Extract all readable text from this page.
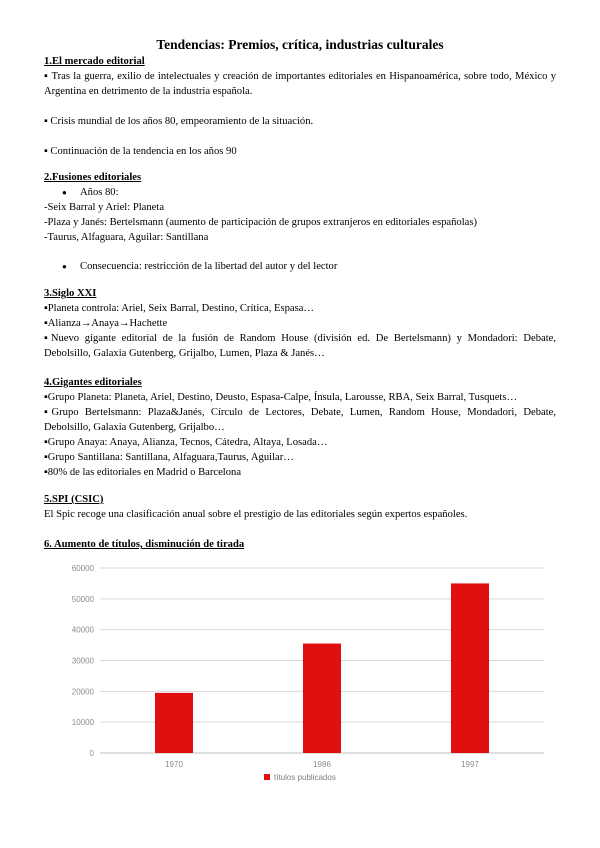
Tendencias: Premios, crítica, industrias culturales
1.El mercado editorial
▪ Tras la guerra, exilio de intelectuales y creación de importantes editoriales en Hispanoamérica, sobre todo, México y Argentina en detrimento de la industria española.
▪ Crisis mundial de los años 80, empeoramiento de la situación.
▪ Continuación de la tendencia en los años 90
2.Fusiones editoriales
● Años 80:
-Seix Barral y Ariel: Planeta
-Plaza y Janés: Bertelsmann (aumento de participación de grupos extranjeros en editoriales españolas)
-Taurus, Alfaguara, Aguilar: Santillana
● Consecuencia: restricción de la libertad del autor y del lector
3.Siglo XXI
▪Planeta controla: Ariel, Seix Barral, Destino, Crítica, Espasa…
▪Alianza→Anaya→Hachette
▪Nuevo gigante editorial de la fusión de Random House (división ed. De Bertelsmann) y Mondadori: Debate, Debolsillo, Galaxia Gutenberg, Grijalbo, Lumen, Plaza & Janés…
4.Gigantes editoriales
▪Grupo Planeta: Planeta, Ariel, Destino, Deusto, Espasa-Calpe, Ínsula, Larousse, RBA, Seix Barral, Tusquets…
▪Grupo Bertelsmann: Plaza&Janés, Círculo de Lectores, Debate, Lumen, Random House, Mondadori, Debate, Debolsillo, Galaxia Gutenberg, Grijalbo…
▪Grupo Anaya: Anaya, Alianza, Tecnos, Cátedra, Altaya, Losada…
▪Grupo Santillana: Santillana, Alfaguara,Taurus, Aguilar…
▪80% de las editoriales en Madrid o Barcelona
5.SPI (CSIC)
El Spic recoge una clasificación anual sobre el prestigio de las editoriales según expertos españoles.
6. Aumento de títulos, disminución de tirada
60000
50000
40000
30000
20000
10000
0
1970	1986	1997
títulos publicados
